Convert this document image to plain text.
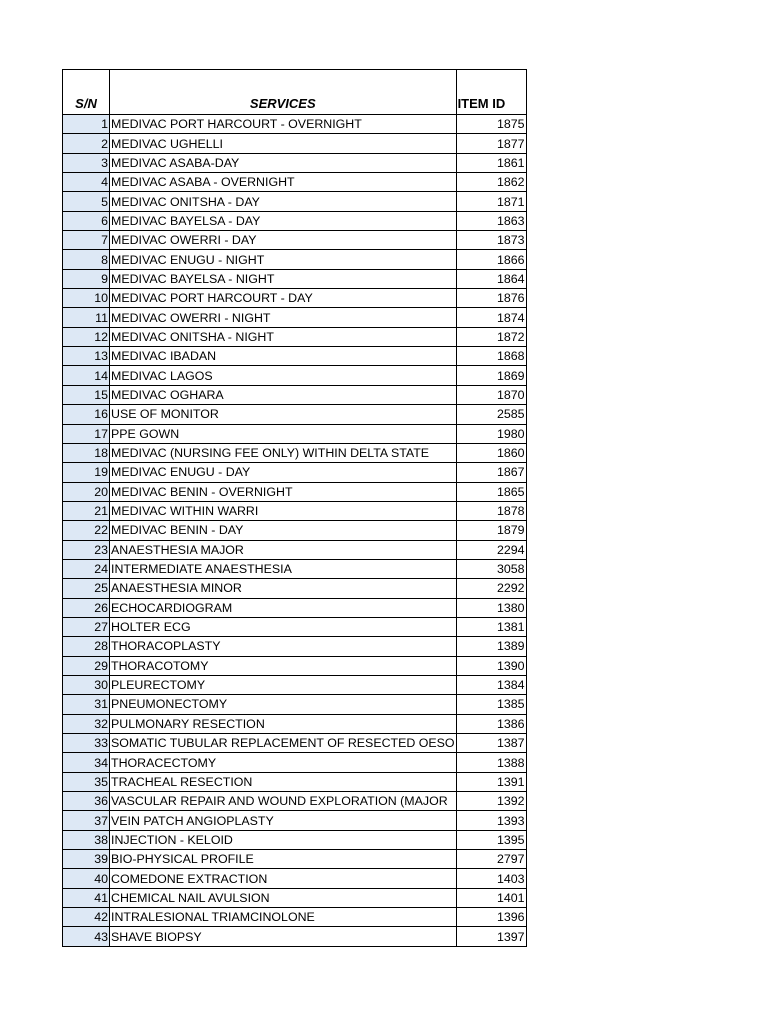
S/N	SERVICES	ITEM ID
1	MEDIVAC PORT HARCOURT - OVERNIGHT	1875
2	MEDIVAC UGHELLI	1877
3	MEDIVAC ASABA-DAY	1861
4	MEDIVAC ASABA - OVERNIGHT	1862
5	MEDIVAC ONITSHA - DAY	1871
6	MEDIVAC BAYELSA - DAY	1863
7	MEDIVAC OWERRI - DAY	1873
8	MEDIVAC ENUGU - NIGHT	1866
9	MEDIVAC BAYELSA - NIGHT	1864
10	MEDIVAC PORT HARCOURT - DAY	1876
11	MEDIVAC OWERRI - NIGHT	1874
12	MEDIVAC ONITSHA - NIGHT	1872
13	MEDIVAC IBADAN	1868
14	MEDIVAC LAGOS	1869
15	MEDIVAC OGHARA	1870
16	USE OF MONITOR	2585
17	PPE GOWN	1980
18	MEDIVAC (NURSING FEE ONLY) WITHIN DELTA STATE	1860
19	MEDIVAC ENUGU - DAY	1867
20	MEDIVAC BENIN - OVERNIGHT	1865
21	MEDIVAC WITHIN WARRI	1878
22	MEDIVAC BENIN - DAY	1879
23	ANAESTHESIA MAJOR	2294
24	INTERMEDIATE ANAESTHESIA	3058
25	ANAESTHESIA MINOR	2292
26	ECHOCARDIOGRAM	1380
27	HOLTER ECG	1381
28	THORACOPLASTY	1389
29	THORACOTOMY	1390
30	PLEURECTOMY	1384
31	PNEUMONECTOMY	1385
32	PULMONARY RESECTION	1386
33	SOMATIC TUBULAR REPLACEMENT OF RESECTED OESO	1387
34	THORACECTOMY	1388
35	TRACHEAL RESECTION	1391
36	VASCULAR REPAIR AND WOUND EXPLORATION (MAJOR	1392
37	VEIN PATCH ANGIOPLASTY	1393
38	INJECTION - KELOID	1395
39	BIO-PHYSICAL PROFILE	2797
40	COMEDONE EXTRACTION	1403
41	CHEMICAL NAIL AVULSION	1401
42	INTRALESIONAL TRIAMCINOLONE	1396
43	SHAVE BIOPSY	1397
